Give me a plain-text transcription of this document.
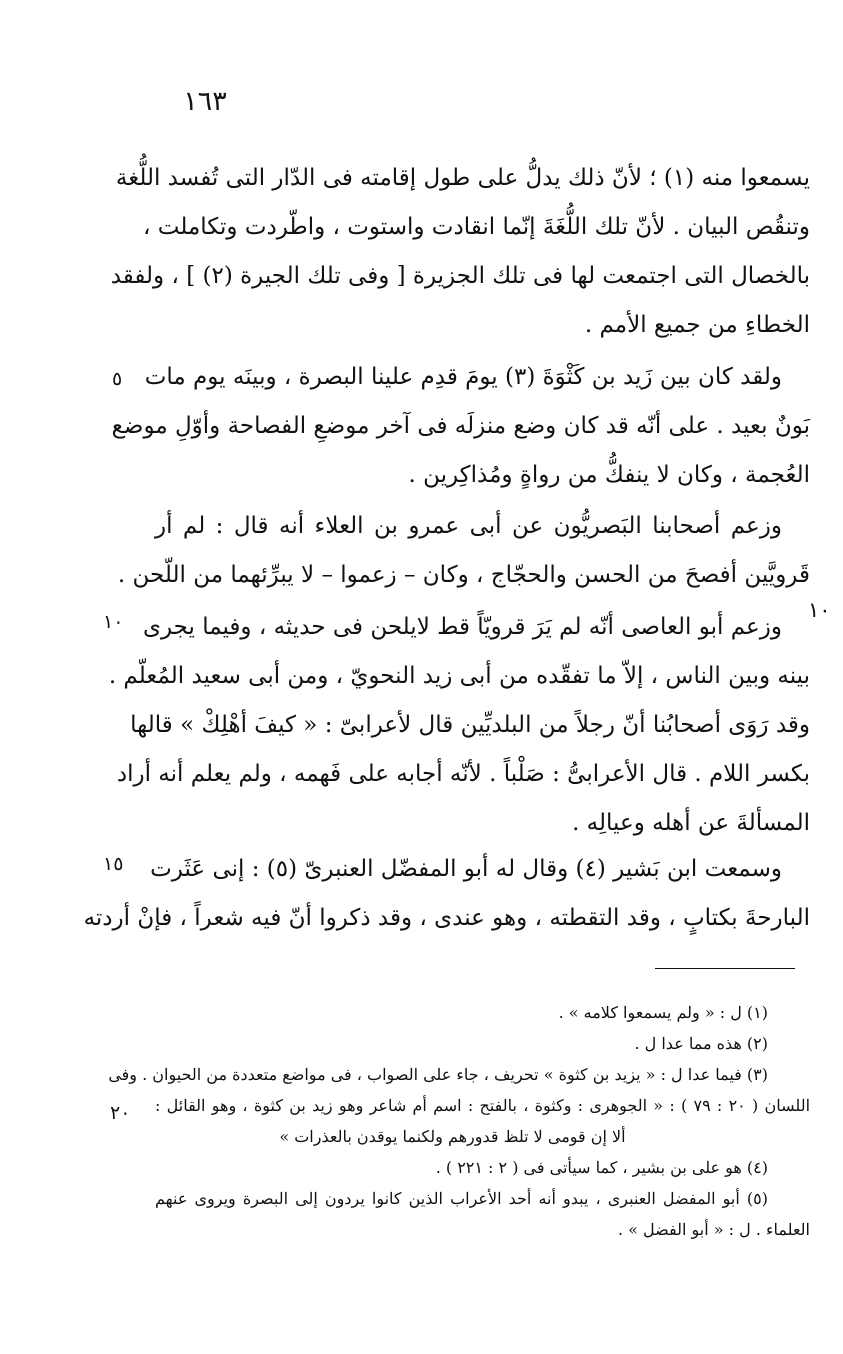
١٦٣
١٠
٥
١٠
١٥
٢٠
يسمعوا منه (١) ؛ لأنّ ذلك يدلُّ على طول إقامته فى الدّار التى تُفسد اللُّغة
وتنقُص البيان . لأنّ تلك اللُّغَةَ إنّما انقادت واستوت ، واطّردت وتكاملت ،
بالخصال التى اجتمعت لها فى تلك الجزيرة [ وفى تلك الجيرة (٢) ] ، ولفقد
الخطاءِ من جميع الأمم .
ولقد كان بين زَيد بن كَثْوَةَ (٣) يومَ قدِم علينا البصرة ، وبينَه يوم مات
بَونٌ بعيد . على أنّه قد كان وضع منزلَه فى آخر موضعِ الفصاحة وأوّلِ موضع
العُجمة ، وكان لا ينفكُّ من رواةٍ ومُذاكِرين .
وزعم أصحابنا البَصريُّون عن أبى عمرو بن العلاء أنه قال : لم أر
قَرويَّين أفصحَ من الحسن والحجّاج ، وكان – زعموا – لا يبرِّئهما من اللّحن .
وزعم أبو العاصى أنّه لم يَرَ قرويّاً قط لايلحن فى حديثه ، وفيما يجرى
بينه وبين الناس ، إلاّ ما تفقّده من أبى زيد النحويّ ، ومن أبى سعيد المُعلّم .
وقد رَوَى أصحابُنا أنّ رجلاً من البلديِّين قال لأعرابىّ : « كيفَ أهْلِكْ » قالها
بكسر اللام . قال الأعرابىُّ : صَلْباً . لأنّه أجابه على فَهمه ، ولم يعلم أنه أراد
المسألةَ عن أهله وعيالِه .
وسمعت ابن بَشير (٤) وقال له أبو المفضّل العنبرىّ (٥) : إنى عَثَرت
البارحةَ بكتابٍ ، وقد التقطته ، وهو عندى ، وقد ذكروا أنّ فيه شعراً ، فإنْ أردته
(١) ل : « ولم يسمعوا كلامه » .
(٢) هذه مما عدا ل .
(٣) فيما عدا ل : « يزيد بن كثوة » تحريف ، جاء على الصواب ، فى مواضع متعددة من الحيوان . وفى
اللسان ( ٢٠ : ٧٩ ) : « الجوهرى : وكثوة ، بالفتح : اسم أم شاعر وهو زيد بن كثوة ، وهو القائل :
ألا إن قومى لا تلظ قدورهم ولكنما يوقدن بالعذرات »
(٤) هو على بن بشير ، كما سيأتى فى ( ٢ : ٢٢١ ) .
(٥) أبو المفضل العنبرى ، يبدو أنه أحد الأعراب الذين كانوا يردون إلى البصرة ويروى عنهم
العلماء . ل : « أبو الفضل » .
